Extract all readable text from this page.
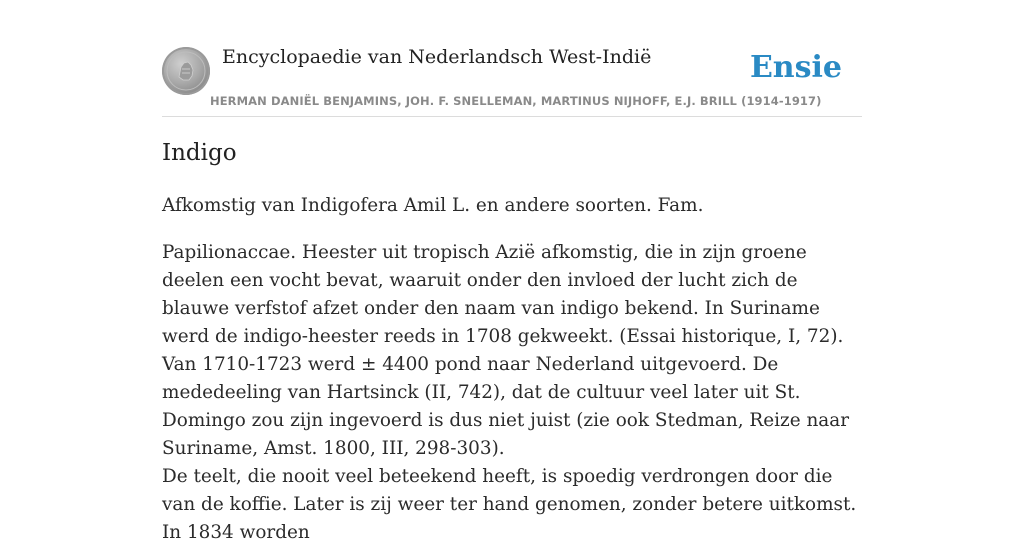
Encyclopaedie van Nederlandsch West-Indië	Ensie
HERMAN DANIËL BENJAMINS, JOH. F. SNELLEMAN, MARTINUS NIJHOFF, E.J. BRILL (1914-1917)
Indigo

Afkomstig van Indigofera Amil L. en andere soorten. Fam.

Papilionaccae. Heester uit tropisch Azië afkomstig, die in zijn groene deelen een vocht bevat, waaruit onder den invloed der lucht zich de blauwe verfstof afzet onder den naam van indigo bekend. In Suriname werd de indigo-heester reeds in 1708 gekweekt. (Essai historique, I, 72). Van 1710-1723 werd ± 4400 pond naar Nederland uitgevoerd. De mededeeling van Hartsinck (II, 742), dat de cultuur veel later uit St. Domingo zou zijn ingevoerd is dus niet juist (zie ook Stedman, Reize naar Suriname, Amst. 1800, III, 298-303).

De teelt, die nooit veel beteekend heeft, is spoedig verdrongen door die van de koffie. Later is zij weer ter hand genomen, zonder betere uitkomst. In 1834 worden
